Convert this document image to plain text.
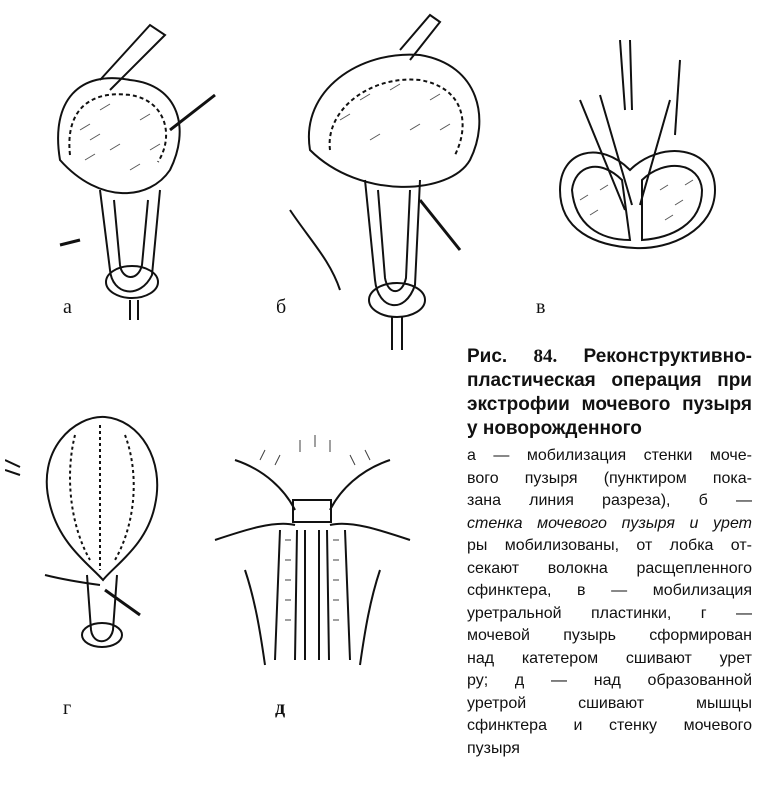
а	б	в
г	д

Рис. 84. Реконструктивно-
пластическая операция при
экстрофии мочевого пузыря
у новорожденного

а — мобилизация стенки моче-
вого пузыря (пунктиром пока-
зана линия разреза), б —
стенка мочевого пузыря и урет
ры мобилизованы, от лобка от-
секают волокна расщепленного
сфинктера, в — мобилизация
уретральной пластинки, г —
мочевой пузырь сформирован
над катетером сшивают урет
ру; д — над образованной
уретрой сшивают мышцы
сфинктера и стенку мочевого
пузыря
